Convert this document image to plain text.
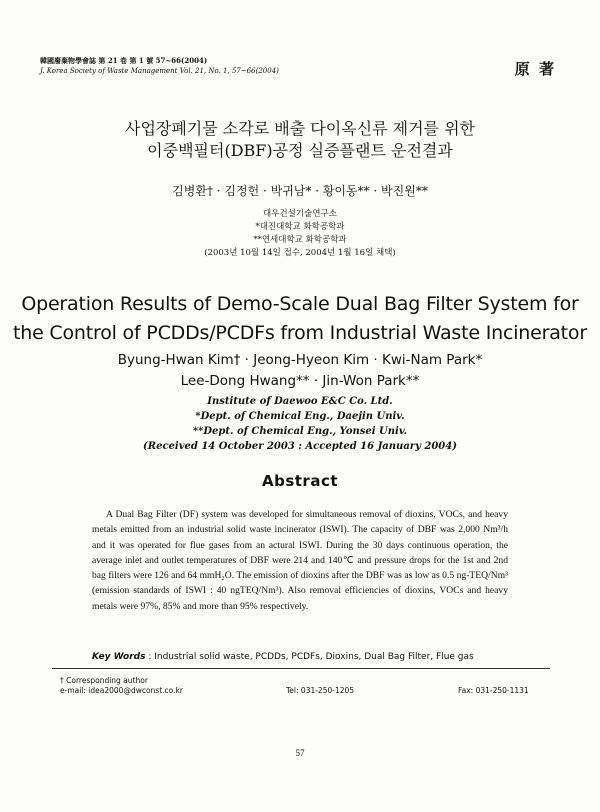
韓國廢棄物學會誌 第 21 卷 第 1 號 57~66(2004)
J. Korea Society of Waste Management Vol. 21, No. 1, 57~66(2004)	原 著
사업장폐기물 소각로 배출 다이옥신류 제거를 위한
이중백필터(DBF)공정 실증플랜트 운전결과
김병환† · 김정헌 · 박귀남* · 황이동** · 박진원**
대우건설기술연구소
*대진대학교 화학공학과
**연세대학교 화학공학과
(2003년 10월 14일 접수, 2004년 1월 16일 채택)
Operation Results of Demo-Scale Dual Bag Filter System for
the Control of PCDDs/PCDFs from Industrial Waste Incinerator
Byung-Hwan Kim† · Jeong-Hyeon Kim · Kwi-Nam Park*
Lee-Dong Hwang** · Jin-Won Park**
Institute of Daewoo E&C Co. Ltd.
*Dept. of Chemical Eng., Daejin Univ.
**Dept. of Chemical Eng., Yonsei Univ.
(Received 14 October 2003 : Accepted 16 January 2004)
Abstract

A Dual Bag Filter (DF) system was developed for simultaneous removal of dioxins, VOCs, and heavy metals emitted from an industrial solid waste incinerator (ISWI). The capacity of DBF was 2,000 Nm³/h and it was operated for flue gases from an actural ISWI. During the 30 days continuous operation, the average inlet and outlet temperatures of DBF were 214 and 140℃ and pressure drops for the 1st and 2nd bag filters were 126 and 64 mmH₂O. The emission of dioxins after the DBF was as low as 0.5 ng-TEQ/Nm³ (emission standards of ISWI : 40 ngTEQ/Nm³). Also removal efficiencies of dioxins, VOCs and heavy metals were 97%, 85% and more than 95% respectively.

Key Words : Industrial solid waste, PCDDs, PCDFs, Dioxins, Dual Bag Filter, Flue gas
† Corresponding author
e-mail: idea2000@dwconst.co.kr	Tel: 031-250-1205	Fax: 031-250-1131
57
